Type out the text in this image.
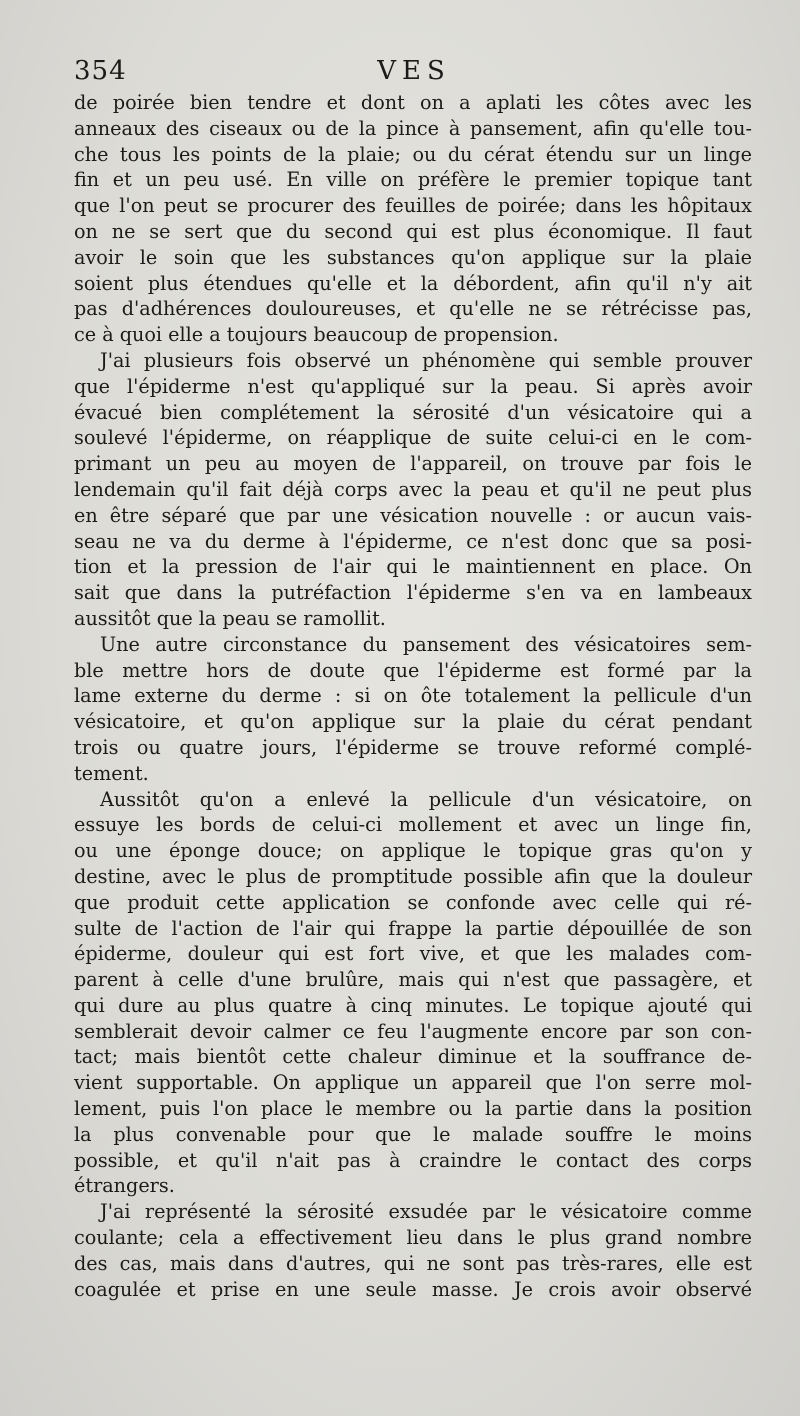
354	VES
de poirée bien tendre et dont on a aplati les côtes avec les
anneaux des ciseaux ou de la pince à pansement, afin qu'elle tou-
che tous les points de la plaie; ou du cérat étendu sur un linge
fin et un peu usé. En ville on préfère le premier topique tant
que l'on peut se procurer des feuilles de poirée; dans les hôpitaux
on ne se sert que du second qui est plus économique. Il faut
avoir le soin que les substances qu'on applique sur la plaie
soient plus étendues qu'elle et la débordent, afin qu'il n'y ait
pas d'adhérences douloureuses, et qu'elle ne se rétrécisse pas,
ce à quoi elle a toujours beaucoup de propension.
J'ai plusieurs fois observé un phénomène qui semble prouver
que l'épiderme n'est qu'appliqué sur la peau. Si après avoir
évacué bien complétement la sérosité d'un vésicatoire qui a
soulevé l'épiderme, on réapplique de suite celui-ci en le com-
primant un peu au moyen de l'appareil, on trouve par fois le
lendemain qu'il fait déjà corps avec la peau et qu'il ne peut plus
en être séparé que par une vésication nouvelle : or aucun vais-
seau ne va du derme à l'épiderme, ce n'est donc que sa posi-
tion et la pression de l'air qui le maintiennent en place. On
sait que dans la putréfaction l'épiderme s'en va en lambeaux
aussitôt que la peau se ramollit.
Une autre circonstance du pansement des vésicatoires sem-
ble mettre hors de doute que l'épiderme est formé par la
lame externe du derme : si on ôte totalement la pellicule d'un
vésicatoire, et qu'on applique sur la plaie du cérat pendant
trois ou quatre jours, l'épiderme se trouve reformé complé-
tement.
Aussitôt qu'on a enlevé la pellicule d'un vésicatoire, on
essuye les bords de celui-ci mollement et avec un linge fin,
ou une éponge douce; on applique le topique gras qu'on y
destine, avec le plus de promptitude possible afin que la douleur
que produit cette application se confonde avec celle qui ré-
sulte de l'action de l'air qui frappe la partie dépouillée de son
épiderme, douleur qui est fort vive, et que les malades com-
parent à celle d'une brulûre, mais qui n'est que passagère, et
qui dure au plus quatre à cinq minutes. Le topique ajouté qui
semblerait devoir calmer ce feu l'augmente encore par son con-
tact; mais bientôt cette chaleur diminue et la souffrance de-
vient supportable. On applique un appareil que l'on serre mol-
lement, puis l'on place le membre ou la partie dans la position
la plus convenable pour que le malade souffre le moins
possible, et qu'il n'ait pas à craindre le contact des corps
étrangers.
J'ai représenté la sérosité exsudée par le vésicatoire comme
coulante; cela a effectivement lieu dans le plus grand nombre
des cas, mais dans d'autres, qui ne sont pas très-rares, elle est
coagulée et prise en une seule masse. Je crois avoir observé
